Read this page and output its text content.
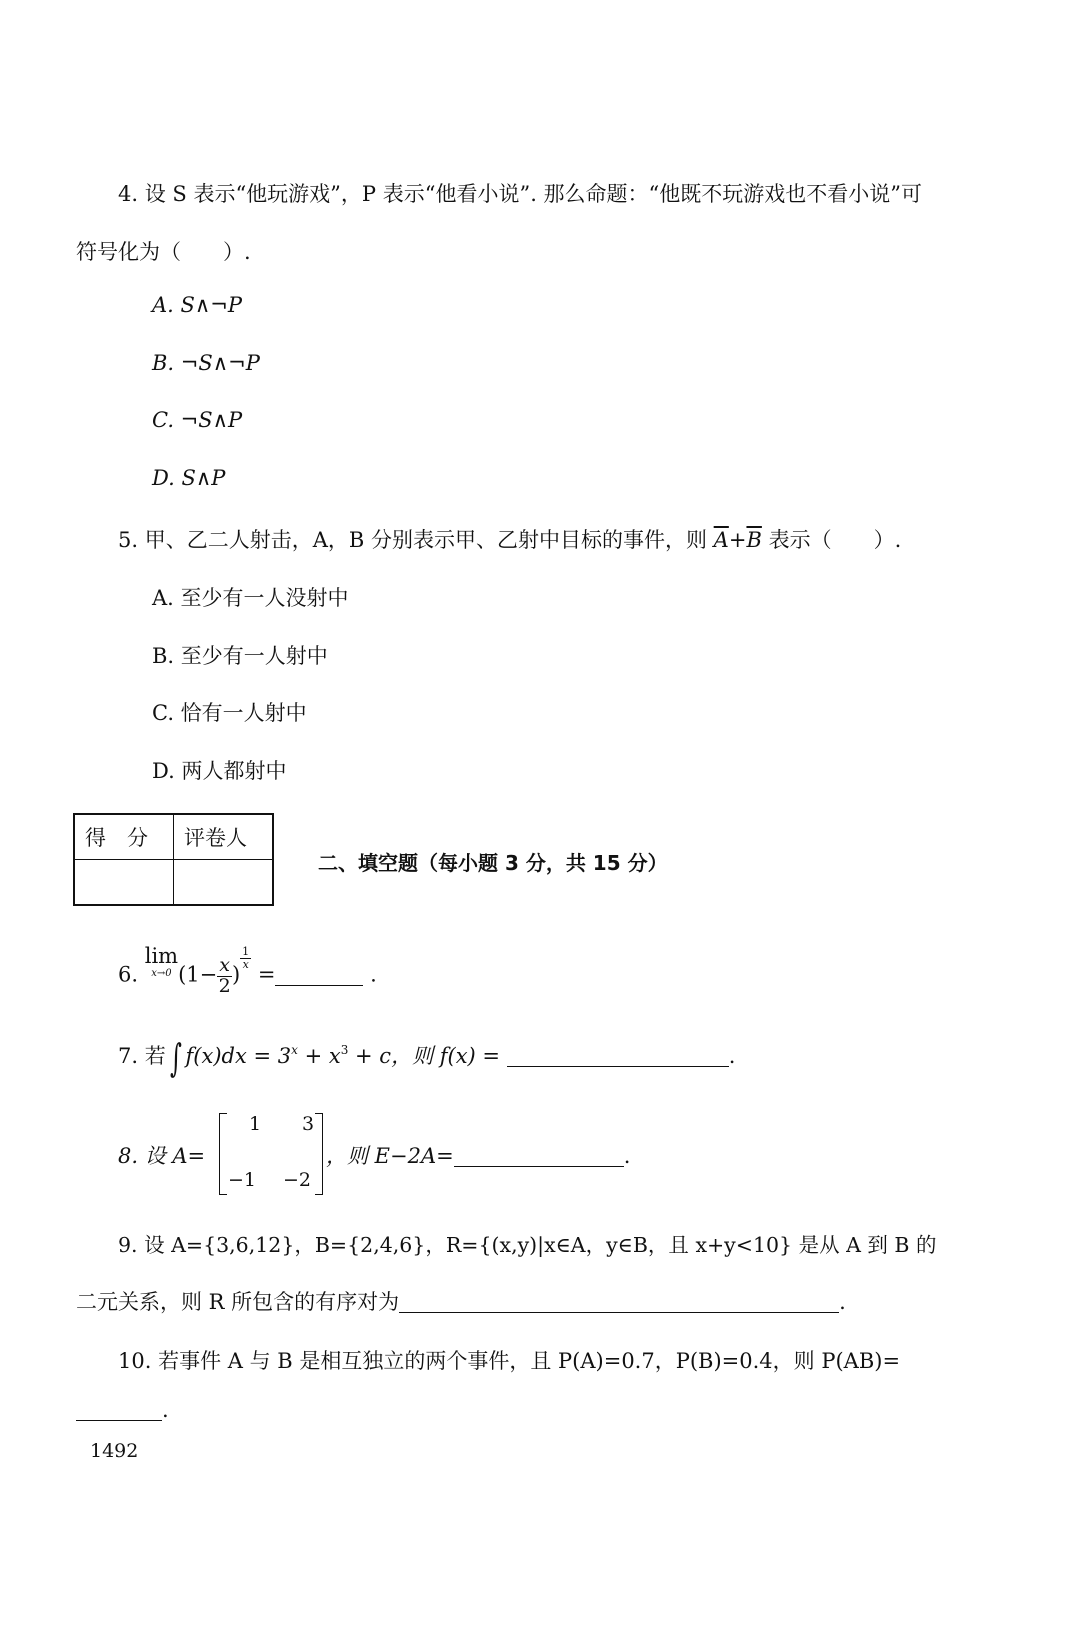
4. 设 S 表示“他玩游戏”，P 表示“他看小说”. 那么命题：“他既不玩游戏也不看小说”可
符号化为（　　）.
A. S∧¬P
B. ¬S∧¬P
C. ¬S∧P
D. S∧P
5. 甲、乙二人射击，A，B 分别表示甲、乙射中目标的事件，则 $\overline{A}+\overline{B}$ 表示（　　）.
A. 至少有一人没射中
B. 至少有一人射中
C. 恰有一人射中
D. 两人都射中
得　分	评卷人

二、填空题（每小题 3 分，共 15 分）
6. lim
x→0 ($1- \frac{x}{2}$ )
$\frac{1}{x}$
=	.
7. 若 ∫ $f(x)dx = 3^x + x^3 + c$，则 f(x) =	.
8. 设 A=
1 3
−1 −2
，则 E−2A=	.
9. 设 A={3,6,12}，B={2,4,6}，R={(x,y)|x∈A，y∈B，且 x+y<10} 是从 A 到 B 的
二元关系，则 R 所包含的有序对为	.
10. 若事件 A 与 B 是相互独立的两个事件，且 P(A)=0.7，P(B)=0.4，则 P(AB)=
.
1492
